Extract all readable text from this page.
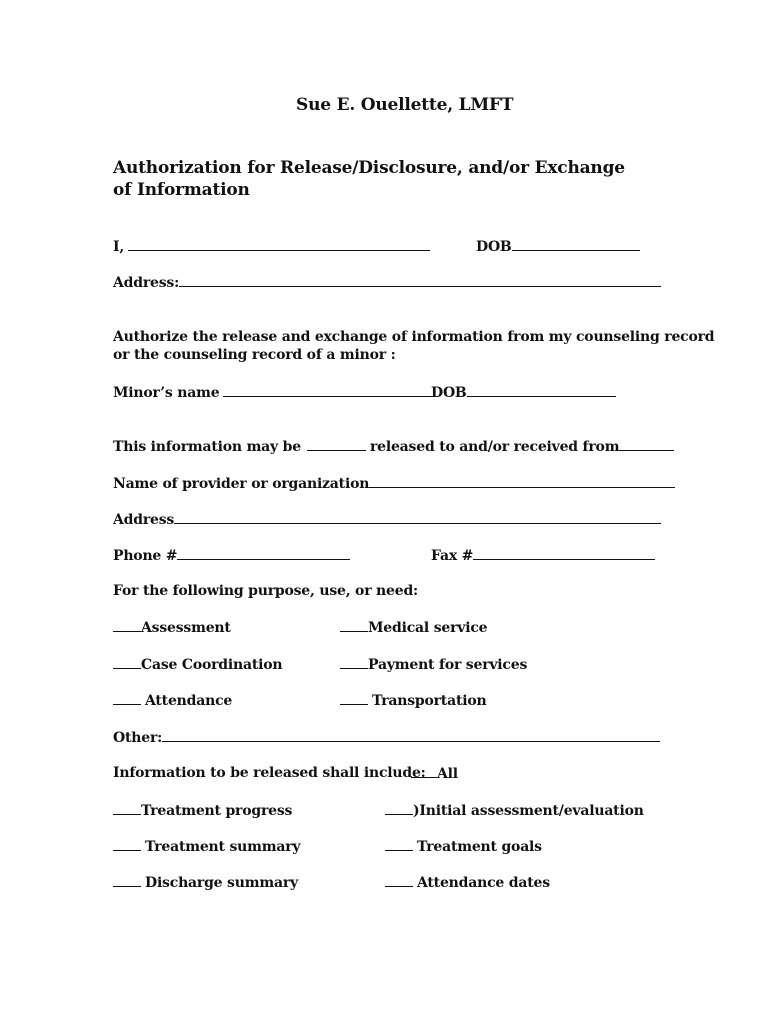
Sue E. Ouellette, LMFT
Authorization for Release/Disclosure, and/or Exchange of Information
I,	DOB
Address:
Authorize the release and exchange of information from my counseling record
or the counseling record of a minor :
Minor’s name	DOB
This information may be	released to and/or received from
Name of provider or organization
Address
Phone #	Fax #
For the following purpose, use, or need:
Assessment	Medical service
Case Coordination	Payment for services
Attendance	Transportation
Other:
Information to be released shall include: All
Treatment progress	)Initial assessment/evaluation
Treatment summary	Treatment goals
Discharge summary	Attendance dates
